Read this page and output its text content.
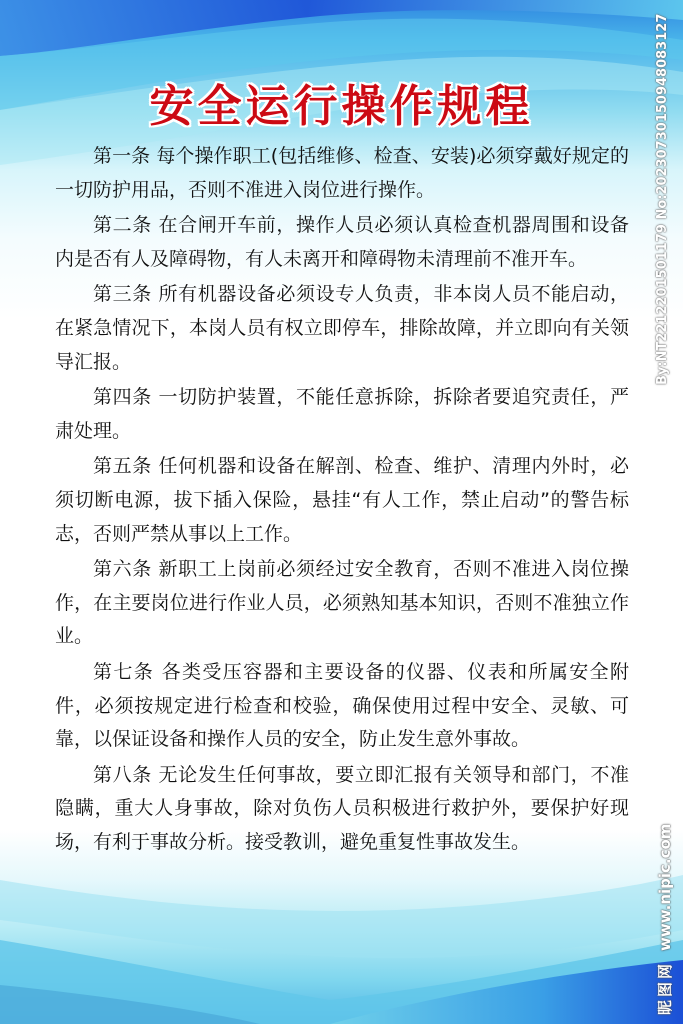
安全运行操作规程

第一条 每个操作职工(包括维修、检查、安装)必须穿戴好规定的一切防护用品，否则不准进入岗位进行操作。

第二条 在合闸开车前，操作人员必须认真检查机器周围和设备内是否有人及障碍物，有人未离开和障碍物未清理前不准开车。

第三条 所有机器设备必须设专人负责，非本岗人员不能启动，在紧急情况下，本岗人员有权立即停车，排除故障，并立即向有关领导汇报。

第四条 一切防护装置，不能任意拆除，拆除者要追究责任，严肃处理。

第五条 任何机器和设备在解剖、检查、维护、清理内外时，必须切断电源，拔下插入保险，悬挂“有人工作，禁止启动”的警告标志，否则严禁从事以上工作。

第六条 新职工上岗前必须经过安全教育，否则不准进入岗位操作，在主要岗位进行作业人员，必须熟知基本知识，否则不准独立作业。

第七条 各类受压容器和主要设备的仪器、仪表和所属安全附件，必须按规定进行检查和校验，确保使用过程中安全、灵敏、可靠，以保证设备和操作人员的安全，防止发生意外事故。

第八条 无论发生任何事故，要立即汇报有关领导和部门，不准隐瞒，重大人身事故，除对负伤人员积极进行救护外，要保护好现场，有利于事故分析。接受教训，避免重复性事故发生。

By:NT2212201501179 No:20230730150948083127
昵图网www.nipic.com
